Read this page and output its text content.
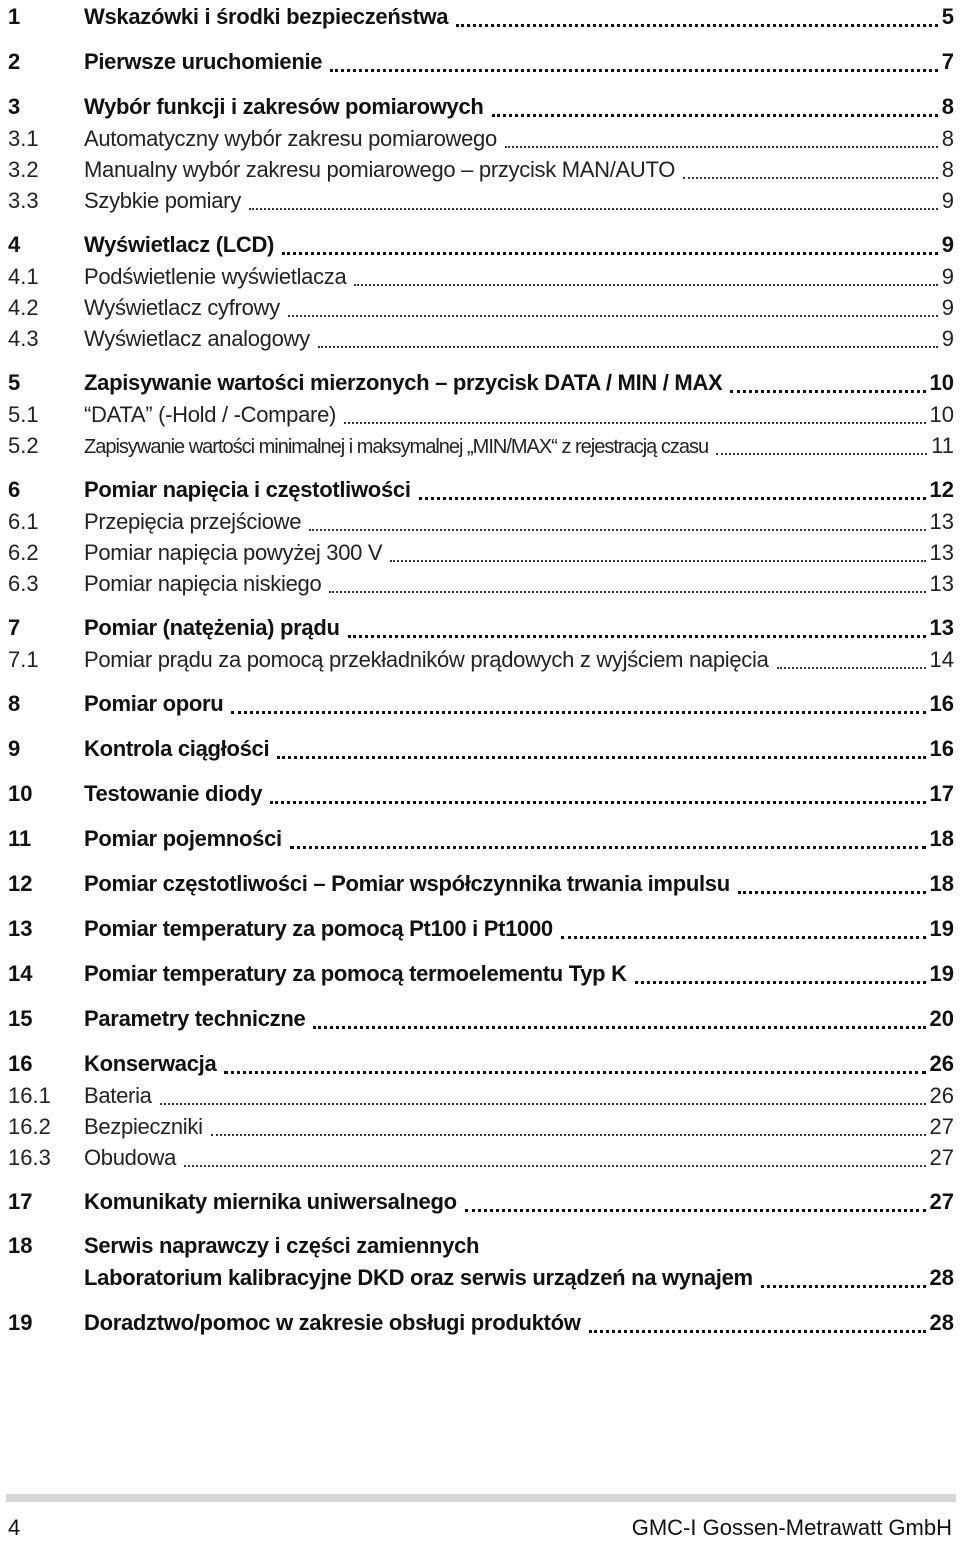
1	Wskazówki i środki bezpieczeństwa	5
2	Pierwsze uruchomienie	7
3	Wybór funkcji i zakresów pomiarowych	8
3.1	Automatyczny wybór zakresu pomiarowego	8
3.2	Manualny wybór zakresu pomiarowego – przycisk MAN/AUTO	8
3.3	Szybkie pomiary	9
4	Wyświetlacz (LCD)	9
4.1	Podświetlenie wyświetlacza	9
4.2	Wyświetlacz cyfrowy	9
4.3	Wyświetlacz analogowy	9
5	Zapisywanie wartości mierzonych – przycisk DATA / MIN / MAX	10
5.1	“DATA” (-Hold / -Compare)	10
5.2	Zapisywanie wartości minimalnej i maksymalnej „MIN/MAX“ z rejestracją czasu	11
6	Pomiar napięcia i częstotliwości	12
6.1	Przepięcia przejściowe	13
6.2	Pomiar napięcia powyżej 300 V	13
6.3	Pomiar napięcia niskiego	13
7	Pomiar (natężenia) prądu	13
7.1	Pomiar prądu za pomocą przekładników prądowych z wyjściem napięcia	14
8	Pomiar oporu	16
9	Kontrola ciągłości	16
10	Testowanie diody	17
11	Pomiar pojemności	18
12	Pomiar częstotliwości – Pomiar współczynnika trwania impulsu	18
13	Pomiar temperatury za pomocą Pt100 i Pt1000	19
14	Pomiar temperatury za pomocą termoelementu Typ K	19
15	Parametry techniczne	20
16	Konserwacja	26
16.1	Bateria	26
16.2	Bezpieczniki	27
16.3	Obudowa	27
17	Komunikaty miernika uniwersalnego	27
18	Serwis naprawczy i części zamiennych
Laboratorium kalibracyjne DKD oraz serwis urządzeń na wynajem	28
19	Doradztwo/pomoc w zakresie obsługi produktów	28
4	GMC-I Gossen-Metrawatt GmbH
